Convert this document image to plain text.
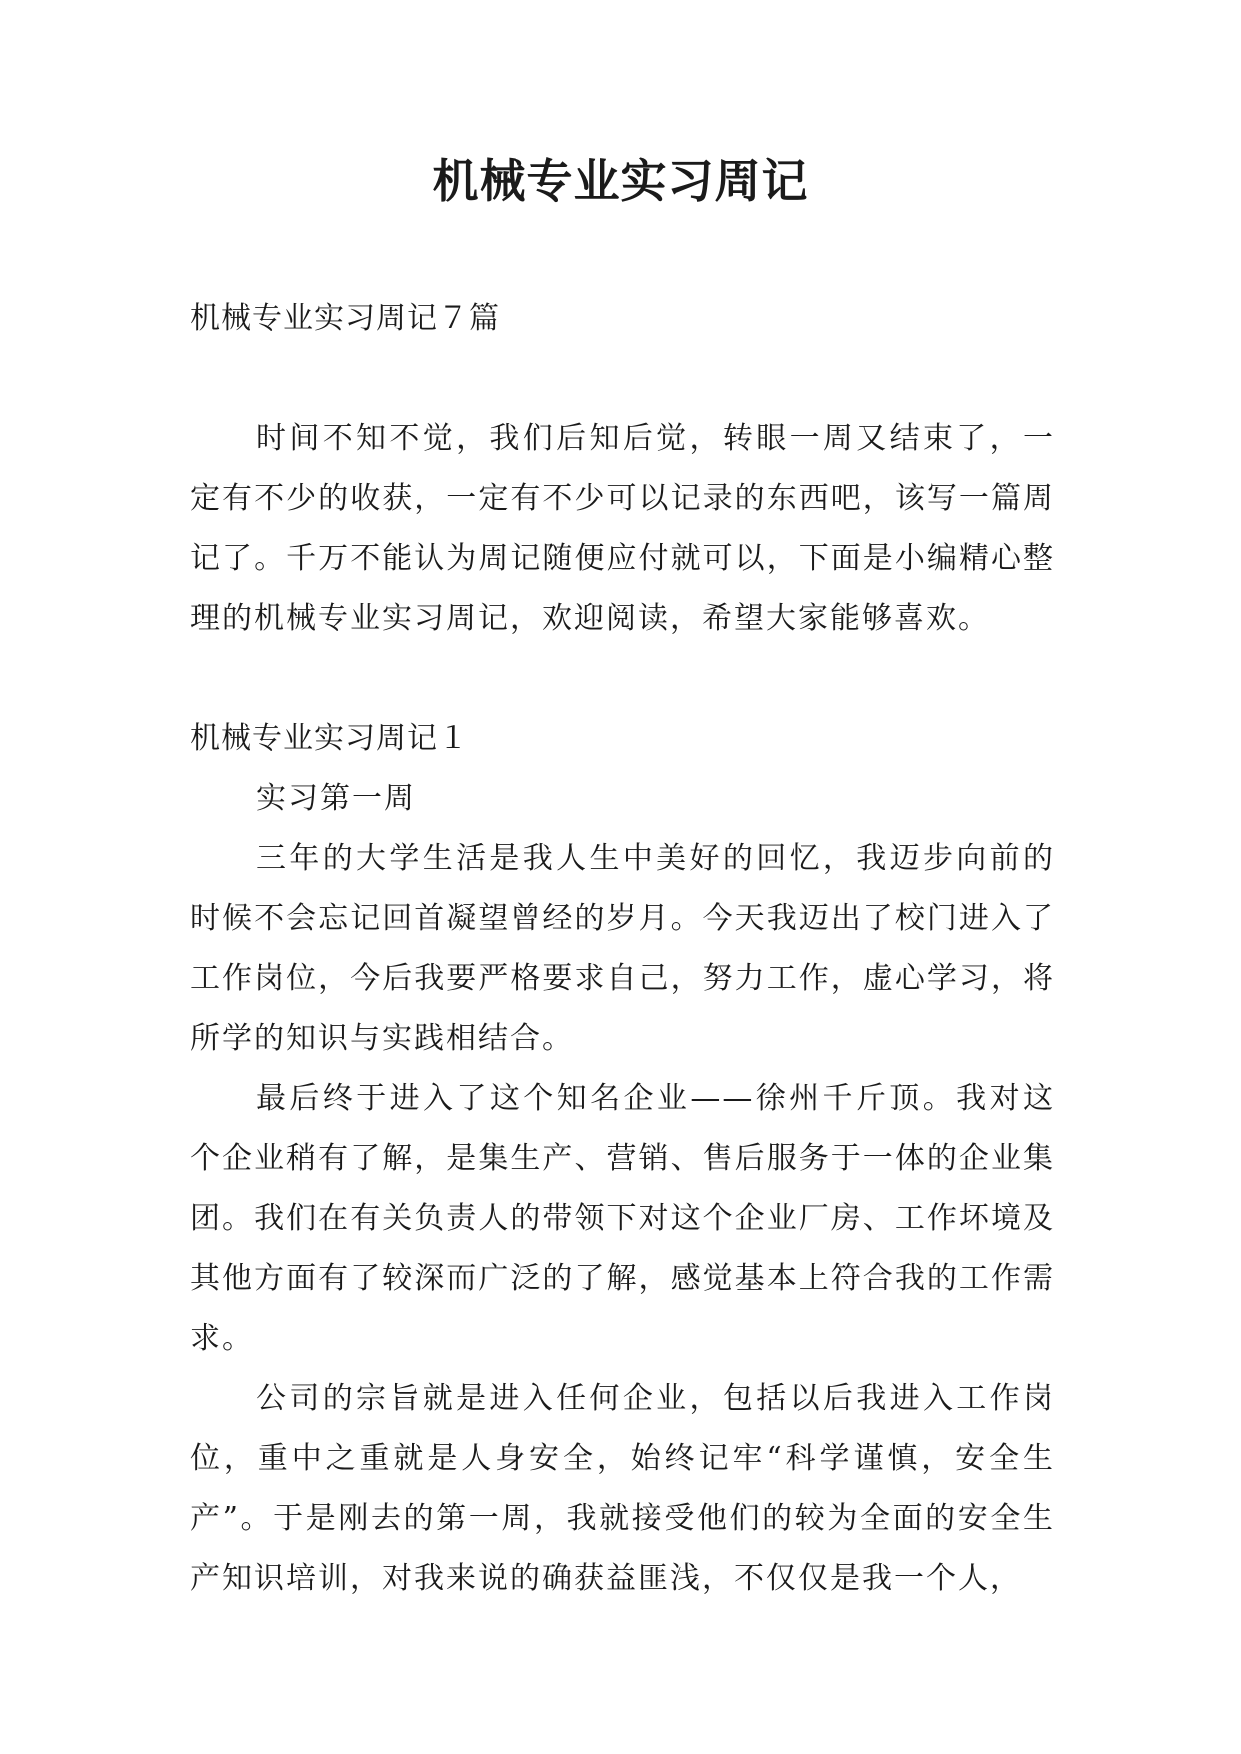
机械专业实习周记

机械专业实习周记７篇

时间不知不觉，我们后知后觉，转眼一周又结束了，一定有不少的收获，一定有不少可以记录的东西吧，该写一篇周记了。千万不能认为周记随便应付就可以，下面是小编精心整理的机械专业实习周记，欢迎阅读，希望大家能够喜欢。

机械专业实习周记１

实习第一周

三年的大学生活是我人生中美好的回忆，我迈步向前的时候不会忘记回首凝望曾经的岁月。今天我迈出了校门进入了工作岗位，今后我要严格要求自己，努力工作，虚心学习，将所学的知识与实践相结合。

最后终于进入了这个知名企业——徐州千斤顶。我对这个企业稍有了解，是集生产、营销、售后服务于一体的企业集团。我们在有关负责人的带领下对这个企业厂房、工作坏境及其他方面有了较深而广泛的了解，感觉基本上符合我的工作需求。

公司的宗旨就是进入任何企业，包括以后我进入工作岗位，重中之重就是人身安全，始终记牢“科学谨慎，安全生产”。于是刚去的第一周，我就接受他们的较为全面的安全生产知识培训，对我来说的确获益匪浅，不仅仅是我一个人，
